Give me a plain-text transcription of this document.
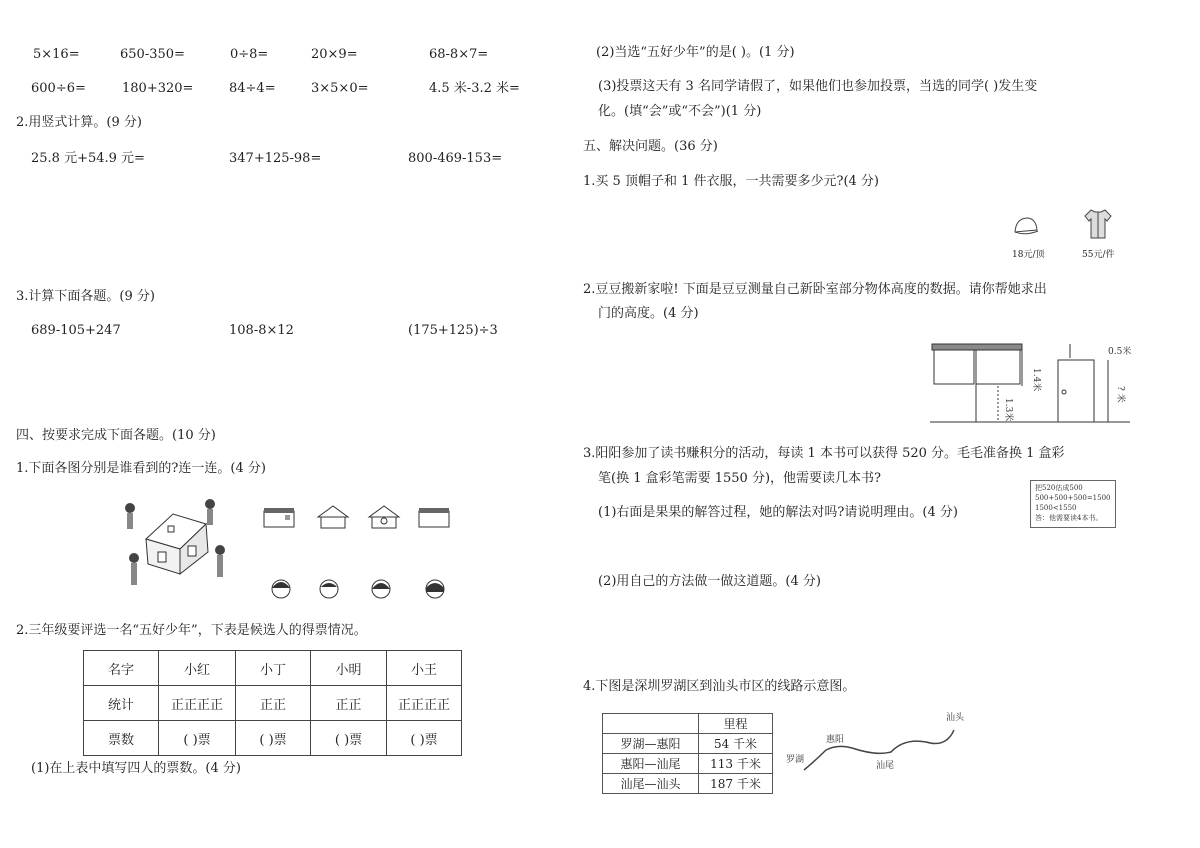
5×16=	650-350=	0÷8=	20×9=	68-8×7=
600÷6=	180+320=	84÷4=	3×5×0=	4.5 米-3.2 米=
2.用竖式计算。(9 分)
25.8 元+54.9 元=	347+125-98=	800-469-153=
3.计算下面各题。(9 分)
689-105+247	108-8×12	(175+125)÷3
四、按要求完成下面各题。(10 分)
1.下面各图分别是谁看到的?连一连。(4 分)
2.三年级要评选一名“五好少年”，下表是候选人的得票情况。
名字	小红	小丁	小明	小王
统计	正正正正	正正	正正	正正正正
票数	( )票	( )票	( )票	( )票
(1)在上表中填写四人的票数。(4 分)
(2)当选“五好少年”的是( )。(1 分)
(3)投票这天有 3 名同学请假了，如果他们也参加投票，当选的同学( )发生变
化。(填“会”或“不会”)(1 分)
五、解决问题。(36 分)
1.买 5 顶帽子和 1 件衣服，一共需要多少元?(4 分)
18元/顶	55元/件
2.豆豆搬新家啦! 下面是豆豆测量自己新卧室部分物体高度的数据。请你帮她求出
门的高度。(4 分)
0.5米
1.4米
1.3米
? 米
3.阳阳参加了读书赚积分的活动，每读 1 本书可以获得 520 分。毛毛准备换 1 盒彩
笔(换 1 盒彩笔需要 1550 分)，他需要读几本书?
(1)右面是果果的解答过程，她的解法对吗?请说明理由。(4 分)
把520估成500
500+500+500=1500
1500<1550
答：他需要读4本书。
(2)用自己的方法做一做这道题。(4 分)
4.下图是深圳罗湖区到汕头市区的线路示意图。
	里程
罗湖—惠阳	54 千米
惠阳—汕尾	113 千米
汕尾—汕头	187 千米
罗湖
惠阳
汕尾
汕头
